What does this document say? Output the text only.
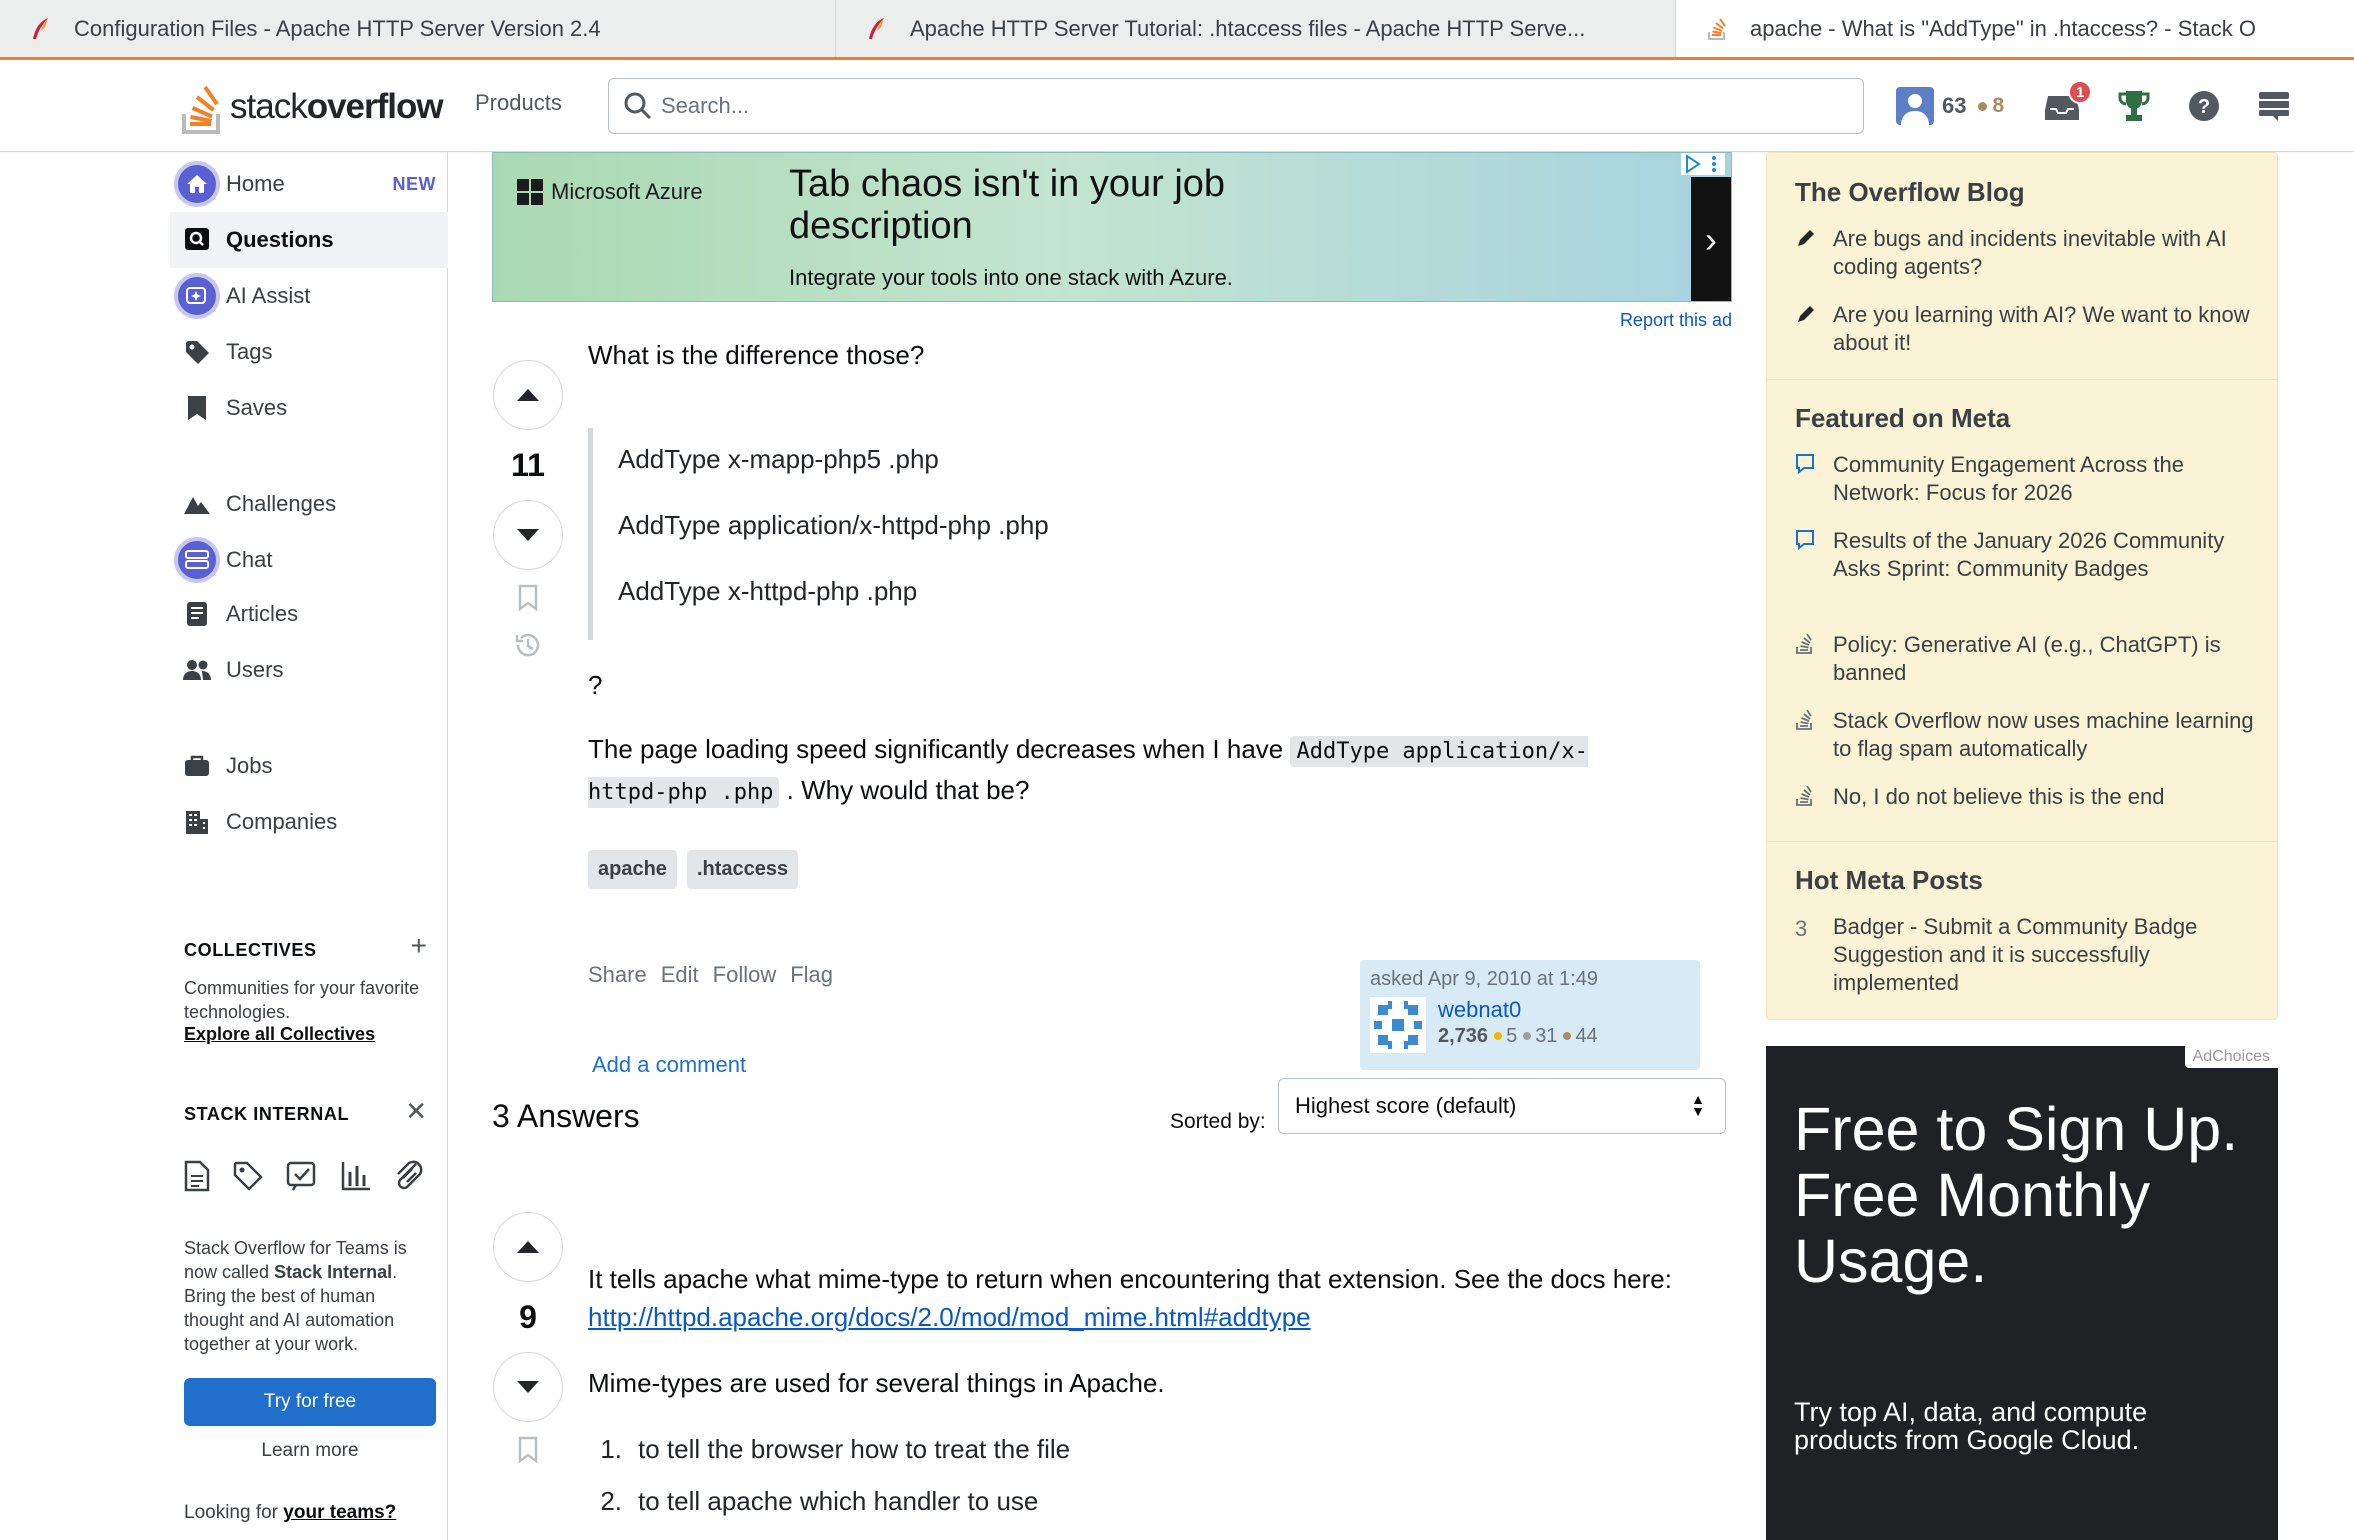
Configuration Files - Apache HTTP Server Version 2.4	Apache HTTP Server Tutorial: .htaccess files - Apache HTTP Serve...	apache - What is "AddType" in .htaccess? - Stack O
stackoverflow Products
Search...	63 8
1
?
Home	NEW
Questions
AI Assist
Tags
Saves
Challenges
Chat
Articles
Users
Jobs
Companies
COLLECTIVES	+
Communities for your favorite technologies.
Explore all Collectives
STACK INTERNAL ✕
Stack Overflow for Teams is now called Stack Internal. Bring the best of human thought and AI automation together at your work.
Try for free
Learn more
Looking for your teams?
Microsoft Azure Tab chaos isn't in your job description
Integrate your tools into one stack with Azure.
›
Report this ad
11

What is the difference those?

AddType x-mapp-php5 .php

AddType application/x-httpd-php .php

AddType x-httpd-php .php

?
The page loading speed significantly decreases when I have AddType application/x-httpd-php .php . Why would that be?
apache	.htaccess
Share Edit Follow Flag	asked Apr 9, 2010 at 1:49
webnat0
2,736 5 31 44
Add a comment
3 Answers	Sorted by:
Highest score (default)	▲
▼
9
It tells apache what mime-type to return when encountering that extension. See the docs here: http://httpd.apache.org/docs/2.0/mod/mod_mime.html#addtype
Mime-types are used for several things in Apache.
1. to tell the browser how to treat the file
2. to tell apache which handler to use
The Overflow Blog
Are bugs and incidents inevitable with AI coding agents?
Are you learning with AI? We want to know about it!
Featured on Meta
Community Engagement Across the Network: Focus for 2026
Results of the January 2026 Community Asks Sprint: Community Badges
Policy: Generative AI (e.g., ChatGPT) is banned
Stack Overflow now uses machine learning to flag spam automatically
No, I do not believe this is the end
Hot Meta Posts
3	Badger - Submit a Community Badge Suggestion and it is successfully implemented
AdChoices
Free to Sign Up. Free Monthly Usage.
Try top AI, data, and compute products from Google Cloud.
